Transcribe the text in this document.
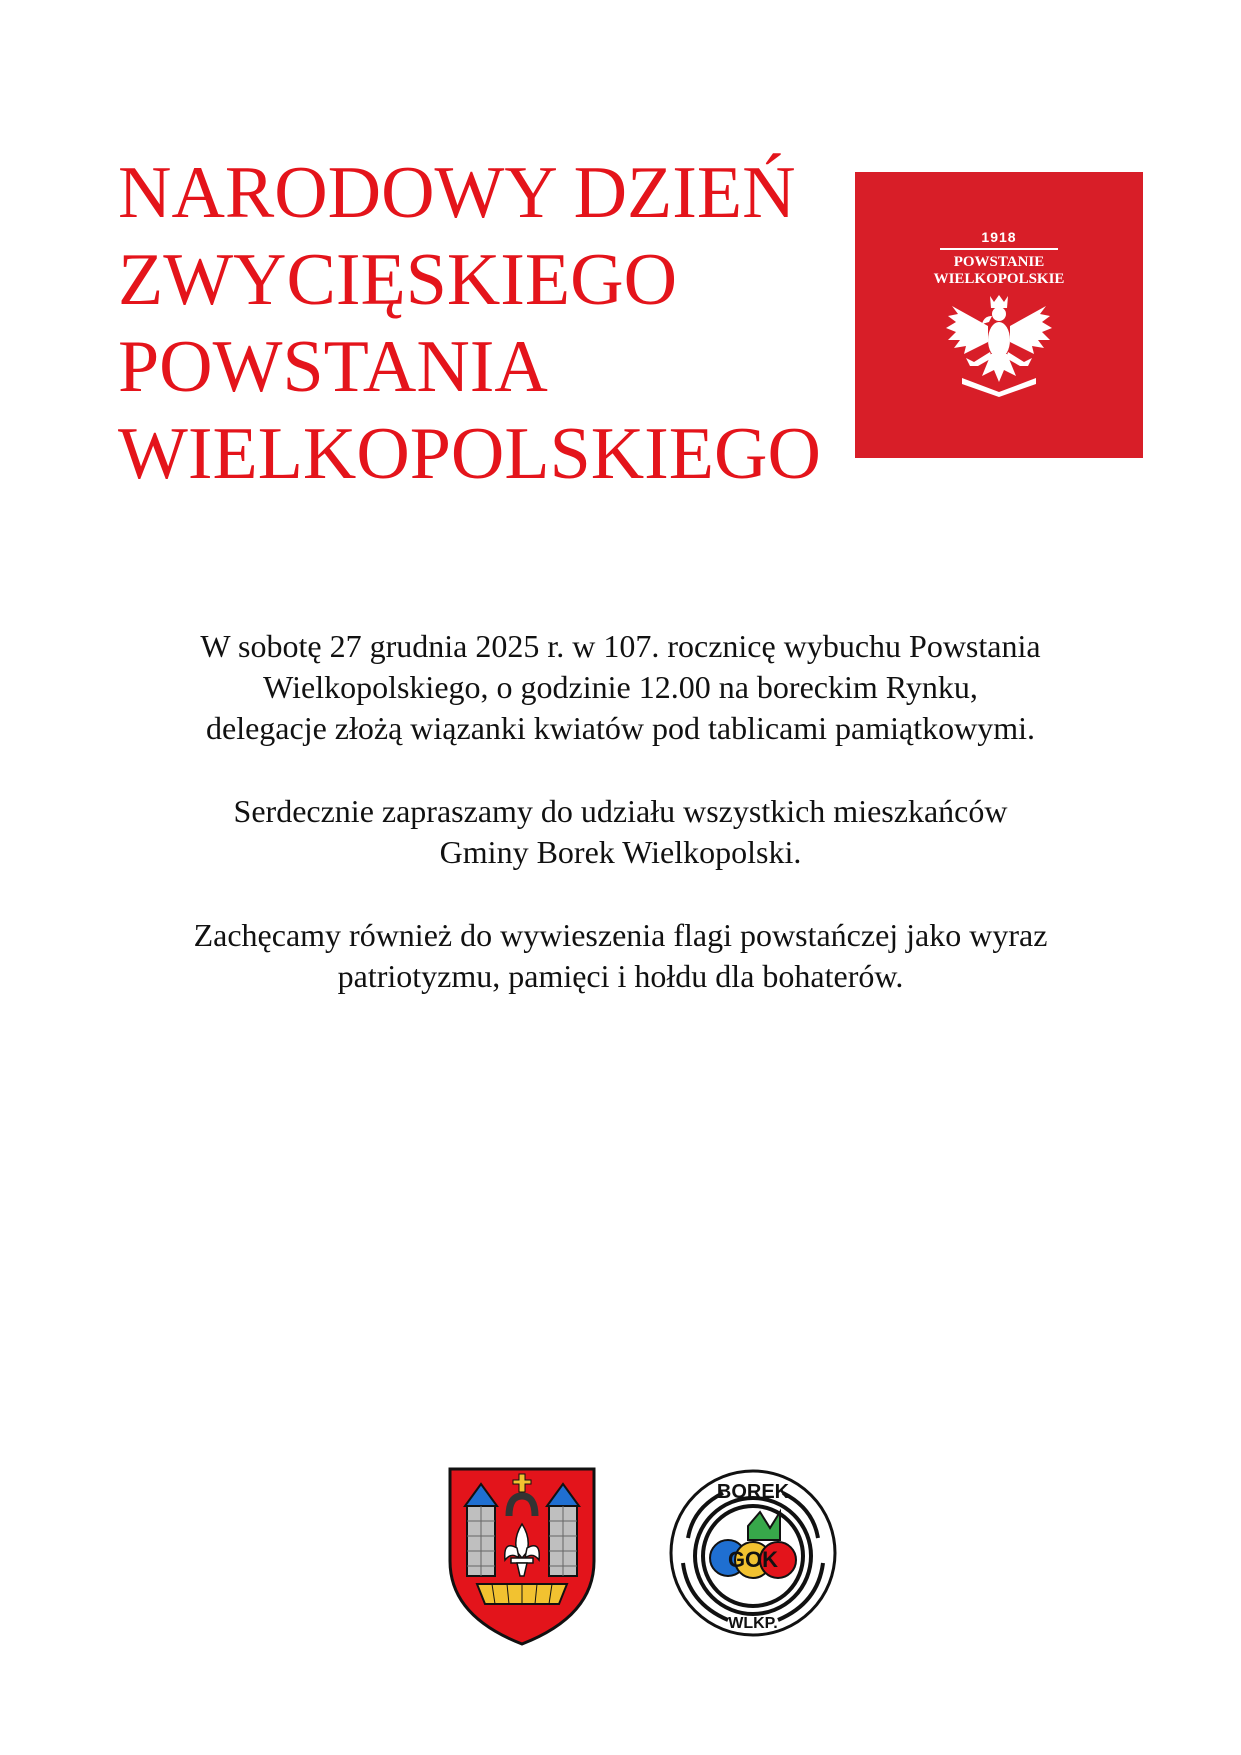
NARODOWY DZIEŃ
ZWYCIĘSKIEGO
POWSTANIA
WIELKOPOLSKIEGO
1918
POWSTANIE
WIELKOPOLSKIE

W sobotę 27 grudnia 2025 r. w 107. rocznicę wybuchu Powstania
Wielkopolskiego, o godzinie 12.00 na boreckim Rynku,
delegacje złożą wiązanki kwiatów pod tablicami pamiątkowymi.

Serdecznie zapraszamy do udziału wszystkich mieszkańców
Gminy Borek Wielkopolski.

Zachęcamy również do wywieszenia flagi powstańczej jako wyraz
patriotyzmu, pamięci i hołdu dla bohaterów.

BOREK
WLKP.
GOK
